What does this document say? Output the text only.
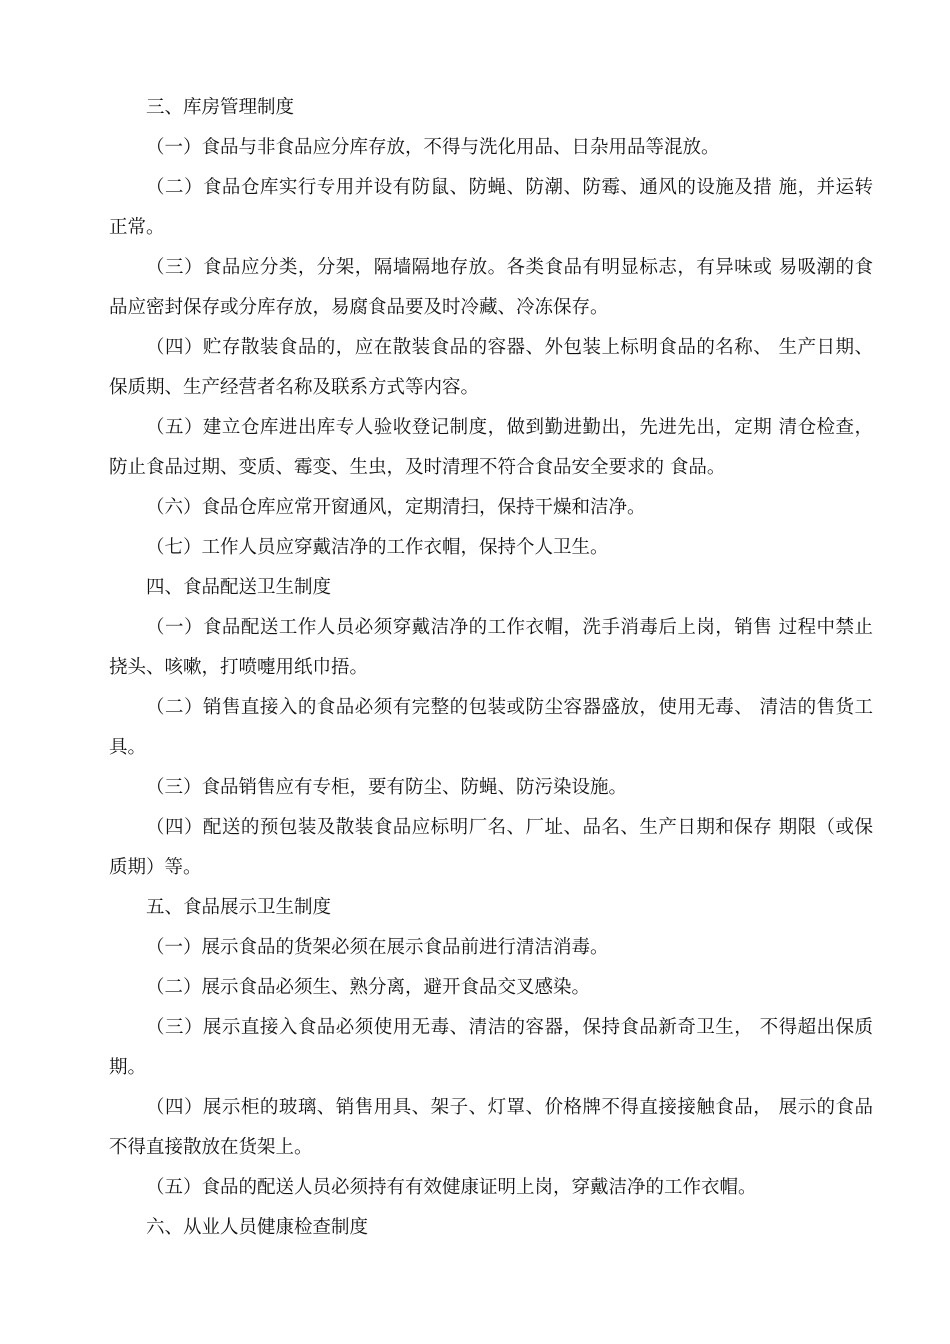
三、库房管理制度

（一）食品与非食品应分库存放，不得与洗化用品、日杂用品等混放。

（二）食品仓库实行专用并设有防鼠、防蝇、防潮、防霉、通风的设施及措 施，并运转正常。

（三）食品应分类，分架，隔墙隔地存放。各类食品有明显标志，有异味或 易吸潮的食品应密封保存或分库存放，易腐食品要及时冷藏、冷冻保存。

（四）贮存散装食品的，应在散装食品的容器、外包装上标明食品的名称、 生产日期、保质期、生产经营者名称及联系方式等内容。

（五）建立仓库进出库专人验收登记制度，做到勤进勤出，先进先出，定期 清仓检查，防止食品过期、变质、霉变、生虫，及时清理不符合食品安全要求的 食品。

（六）食品仓库应常开窗通风，定期清扫，保持干燥和洁净。

（七）工作人员应穿戴洁净的工作衣帽，保持个人卫生。

四、食品配送卫生制度

（一）食品配送工作人员必须穿戴洁净的工作衣帽，洗手消毒后上岗，销售 过程中禁止挠头、咳嗽，打喷嚏用纸巾捂。

（二）销售直接入的食品必须有完整的包装或防尘容器盛放，使用无毒、 清洁的售货工具。

（三）食品销售应有专柜，要有防尘、防蝇、防污染设施。

（四）配送的预包装及散装食品应标明厂名、厂址、品名、生产日期和保存 期限（或保质期）等。

五、食品展示卫生制度

（一）展示食品的货架必须在展示食品前进行清洁消毒。

（二）展示食品必须生、熟分离，避开食品交叉感染。

（三）展示直接入食品必须使用无毒、清洁的容器，保持食品新奇卫生， 不得超出保质期。

（四）展示柜的玻璃、销售用具、架子、灯罩、价格牌不得直接接触食品， 展示的食品不得直接散放在货架上。

（五）食品的配送人员必须持有有效健康证明上岗，穿戴洁净的工作衣帽。

六、从业人员健康检查制度
